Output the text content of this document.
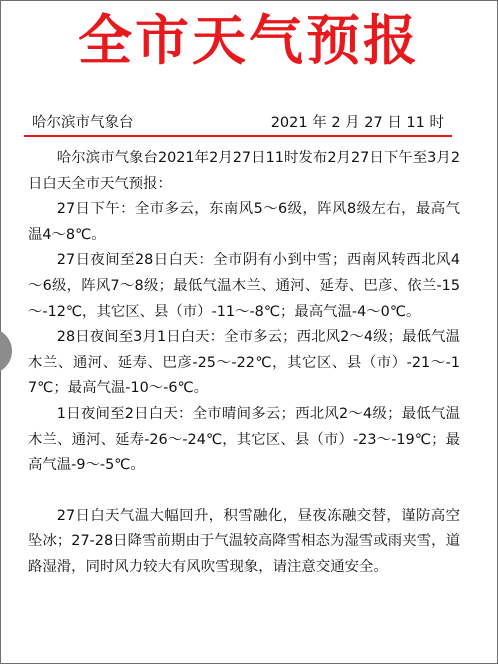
全市天气预报
哈尔滨市气象台	2021 年 2 月 27 日 11 时

哈尔滨市气象台2021年2月27日11时发布2月27日下午至3月2日白天全市天气预报：

27日下午：全市多云，东南风5～6级，阵风8级左右，最高气温4～8℃。

27日夜间至28日白天：全市阴有小到中雪；西南风转西北风4～6级，阵风7～8级；最低气温木兰、通河、延寿、巴彦、依兰-15～-12℃，其它区、县（市）-11～-8℃；最高气温-4～0℃。

28日夜间至3月1日白天：全市多云；西北风2～4级；最低气温木兰、通河、延寿、巴彦-25～-22℃，其它区、县（市）-21～-17℃；最高气温-10～-6℃。

1日夜间至2日白天：全市晴间多云；西北风2～4级；最低气温木兰、通河、延寿-26～-24℃，其它区、县（市）-23～-19℃；最高气温-9～-5℃。

27日白天气温大幅回升，积雪融化，昼夜冻融交替，谨防高空坠冰；27-28日降雪前期由于气温较高降雪相态为湿雪或雨夹雪，道路湿滑，同时风力较大有风吹雪现象，请注意交通安全。
